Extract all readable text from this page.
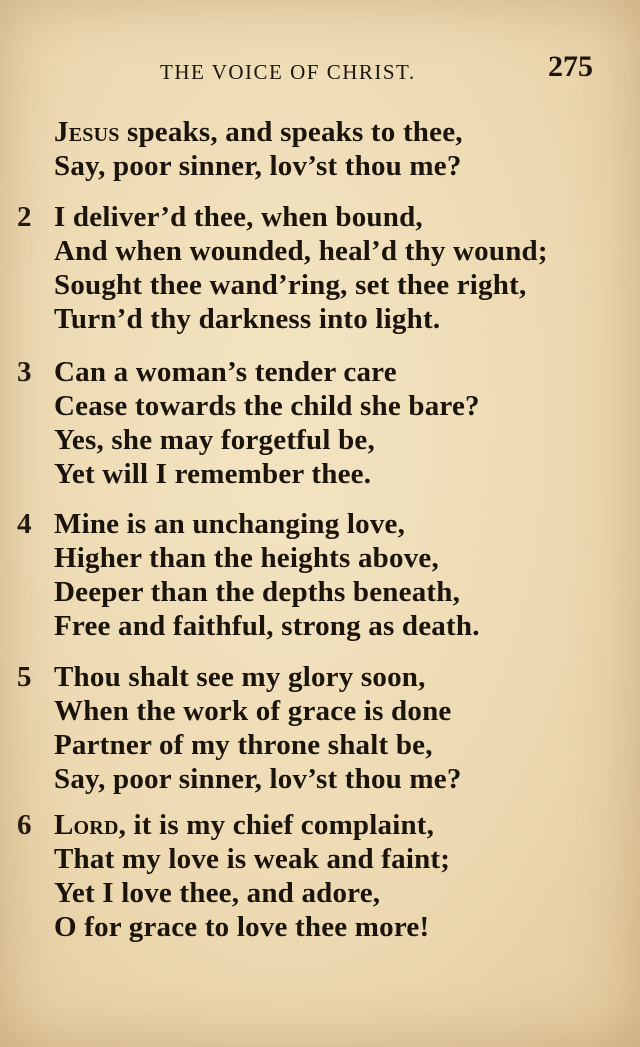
THE VOICE OF CHRIST.	275
Jesus speaks, and speaks to thee,
Say, poor sinner, lov’st thou me?
2 I deliver’d thee, when bound,
And when wounded, heal’d thy wound;
Sought thee wand’ring, set thee right,
Turn’d thy darkness into light.
3 Can a woman’s tender care
Cease towards the child she bare?
Yes, she may forgetful be,
Yet will I remember thee.
4 Mine is an unchanging love,
Higher than the heights above,
Deeper than the depths beneath,
Free and faithful, strong as death.
5 Thou shalt see my glory soon,
When the work of grace is done
Partner of my throne shalt be,
Say, poor sinner, lov’st thou me?
6 Lord, it is my chief complaint,
That my love is weak and faint;
Yet I love thee, and adore,
O for grace to love thee more!
